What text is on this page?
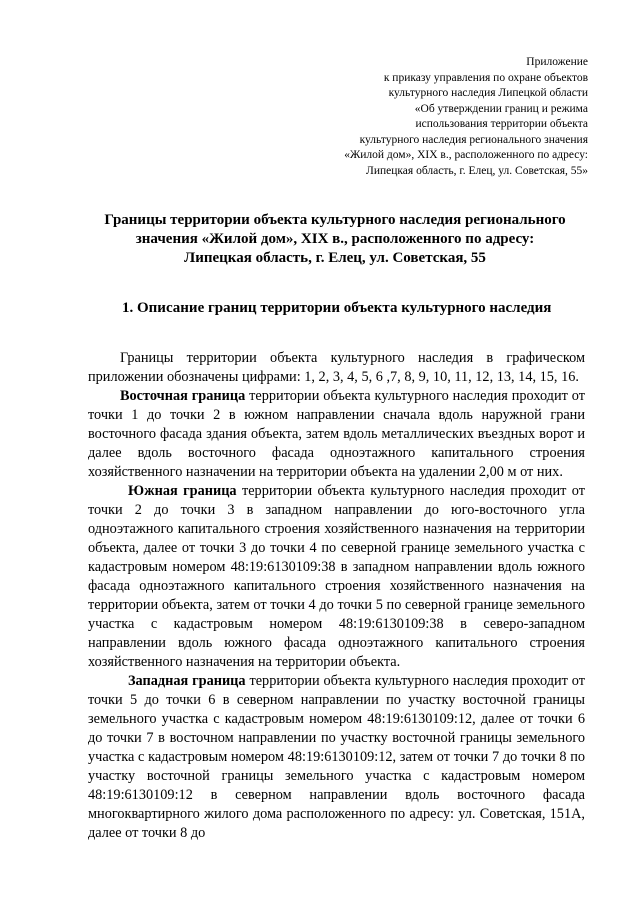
Приложение
к приказу управления по охране объектов
культурного наследия Липецкой области
«Об утверждении границ и режима
использования территории объекта
культурного наследия регионального значения
«Жилой дом», XIX в., расположенного по адресу:
Липецкая область, г. Елец, ул. Советская, 55»
Границы территории объекта культурного наследия регионального
значения «Жилой дом», XIX в., расположенного по адресу:
Липецкая область, г. Елец, ул. Советская, 55
1. Описание границ территории объекта культурного наследия

Границы территории объекта культурного наследия в графическом приложении обозначены цифрами: 1, 2, 3, 4, 5, 6 ,7, 8, 9, 10, 11, 12, 13, 14, 15, 16.

Восточная граница территории объекта культурного наследия проходит от точки 1 до точки 2 в южном направлении сначала вдоль наружной грани восточного фасада здания объекта, затем вдоль металлических въездных ворот и далее вдоль восточного фасада одноэтажного капитального строения хозяйственного назначении на территории объекта на удалении 2,00 м от них.

Южная граница территории объекта культурного наследия проходит от точки 2 до точки 3 в западном направлении до юго-восточного угла одноэтажного капитального строения хозяйственного назначения на территории объекта, далее от точки 3 до точки 4 по северной границе земельного участка с кадастровым номером 48:19:6130109:38 в западном направлении вдоль южного фасада одноэтажного капитального строения хозяйственного назначения на территории объекта, затем от точки 4 до точки 5 по северной границе земельного участка с кадастровым номером 48:19:6130109:38 в северо-западном направлении вдоль южного фасада одноэтажного капитального строения хозяйственного назначения на территории объекта.

Западная граница территории объекта культурного наследия проходит от точки 5 до точки 6 в северном направлении по участку восточной границы земельного участка с кадастровым номером 48:19:6130109:12, далее от точки 6 до точки 7 в восточном направлении по участку восточной границы земельного участка с кадастровым номером 48:19:6130109:12, затем от точки 7 до точки 8 по участку восточной границы земельного участка с кадастровым номером 48:19:6130109:12 в северном направлении вдоль восточного фасада многоквартирного жилого дома расположенного по адресу: ул. Советская, 151А, далее от точки 8 до
